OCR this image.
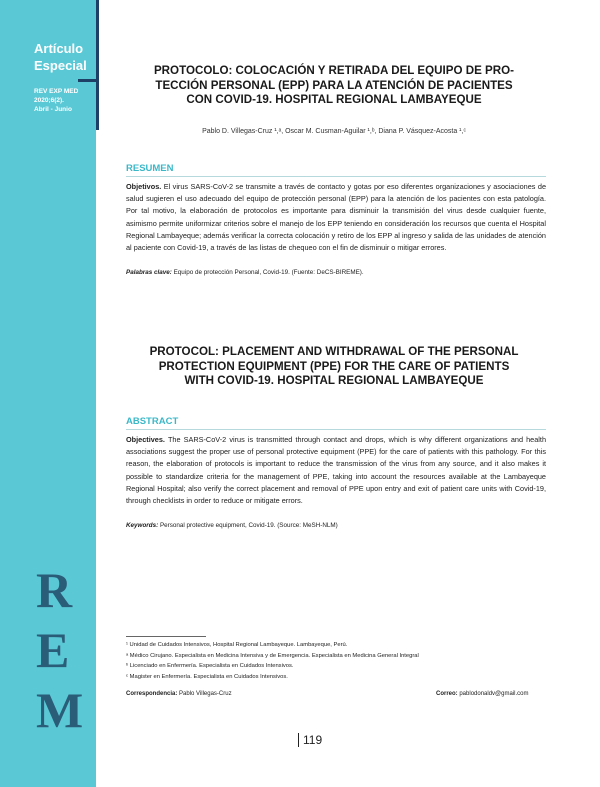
Artículo
Especial
REV EXP MED
2020;6(2).
Abril - Junio
R
E
M
PROTOCOLO: COLOCACIÓN Y RETIRADA DEL EQUIPO DE PRO-
TECCIÓN PERSONAL (EPP) PARA LA ATENCIÓN DE PACIENTES
CON COVID-19. HOSPITAL REGIONAL LAMBAYEQUE
Pablo D. Villegas-Cruz ¹,ᵃ, Oscar M. Cusman-Aguilar ¹,ᵇ, Diana P. Vásquez-Acosta ¹,ᶜ
RESUMEN

Objetivos. El virus SARS-CoV-2 se transmite a través de contacto y gotas por eso diferentes organizaciones y asociaciones de salud sugieren el uso adecuado del equipo de protección personal (EPP) para la atención de los pacientes con esta patología. Por tal motivo, la elaboración de protocolos es importante para disminuir la transmisión del virus desde cualquier fuente, asimismo permite uniformizar criterios sobre el manejo de los EPP teniendo en consideración los recursos que cuenta el Hospital Regional Lambayeque; además verificar la correcta colocación y retiro de los EPP al ingreso y salida de las unidades de atención al paciente con Covid-19, a través de las listas de chequeo con el fin de disminuir o mitigar errores.

Palabras clave: Equipo de protección Personal, Covid-19. (Fuente: DeCS-BIREME).
PROTOCOL: PLACEMENT AND WITHDRAWAL OF THE PERSONAL
PROTECTION EQUIPMENT (PPE) FOR THE CARE OF PATIENTS
WITH COVID-19. HOSPITAL REGIONAL LAMBAYEQUE
ABSTRACT

Objectives. The SARS-CoV-2 virus is transmitted through contact and drops, which is why different organizations and health associations suggest the proper use of personal protective equipment (PPE) for the care of patients with this pathology. For this reason, the elaboration of protocols is important to reduce the transmission of the virus from any source, and it also makes it possible to standardize criteria for the management of PPE, taking into account the resources available at the Lambayeque Regional Hospital; also verify the correct placement and removal of PPE upon entry and exit of patient care units with Covid-19, through checklists in order to reduce or mitigate errors.

Keywords: Personal protective equipment, Covid-19. (Source: MeSH-NLM)
¹ Unidad de Cuidados Intensivos, Hospital Regional Lambayeque. Lambayeque, Perú.
ᵃ Médico Cirujano. Especialista en Medicina Intensiva y de Emergencia. Especialista en Medicina General Integral
ᵇ Licenciado en Enfermería. Especialista en Cuidados Intensivos.
ᶜ Magister en Enfermería. Especialista en Cuidados Intensivos.
Correspondencia: Pablo Villegas-Cruz	Correo: pablodonaldv@gmail.com
119
